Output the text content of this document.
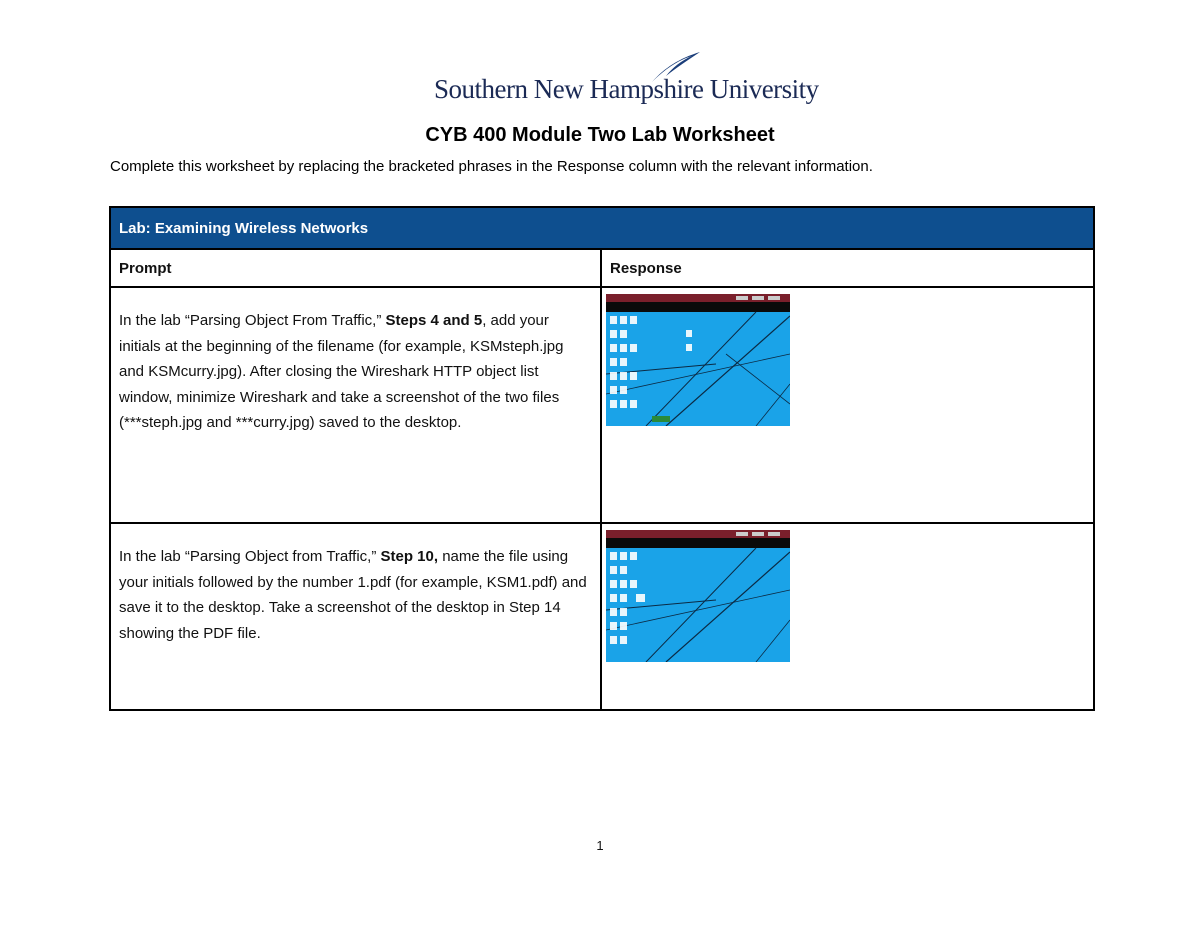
Southern New Hampshire University
CYB 400 Module Two Lab Worksheet
Complete this worksheet by replacing the bracketed phrases in the Response column with the relevant information.
Lab: Examining Wireless Networks	
Prompt	Response
In the lab “Parsing Object From Traffic,” Steps 4 and 5, add your initials at the beginning of the filename (for example, KSMsteph.jpg and KSMcurry.jpg). After closing the Wireshark HTTP object list window, minimize Wireshark and take a screenshot of the two files (***steph.jpg and ***curry.jpg) saved to the desktop.	

In the lab “Parsing Object from Traffic,” Step 10, name the file using your initials followed by the number 1.pdf (for example, KSM1.pdf) and save it to the desktop. Take a screenshot of the desktop in Step 14 showing the PDF file.	
1
